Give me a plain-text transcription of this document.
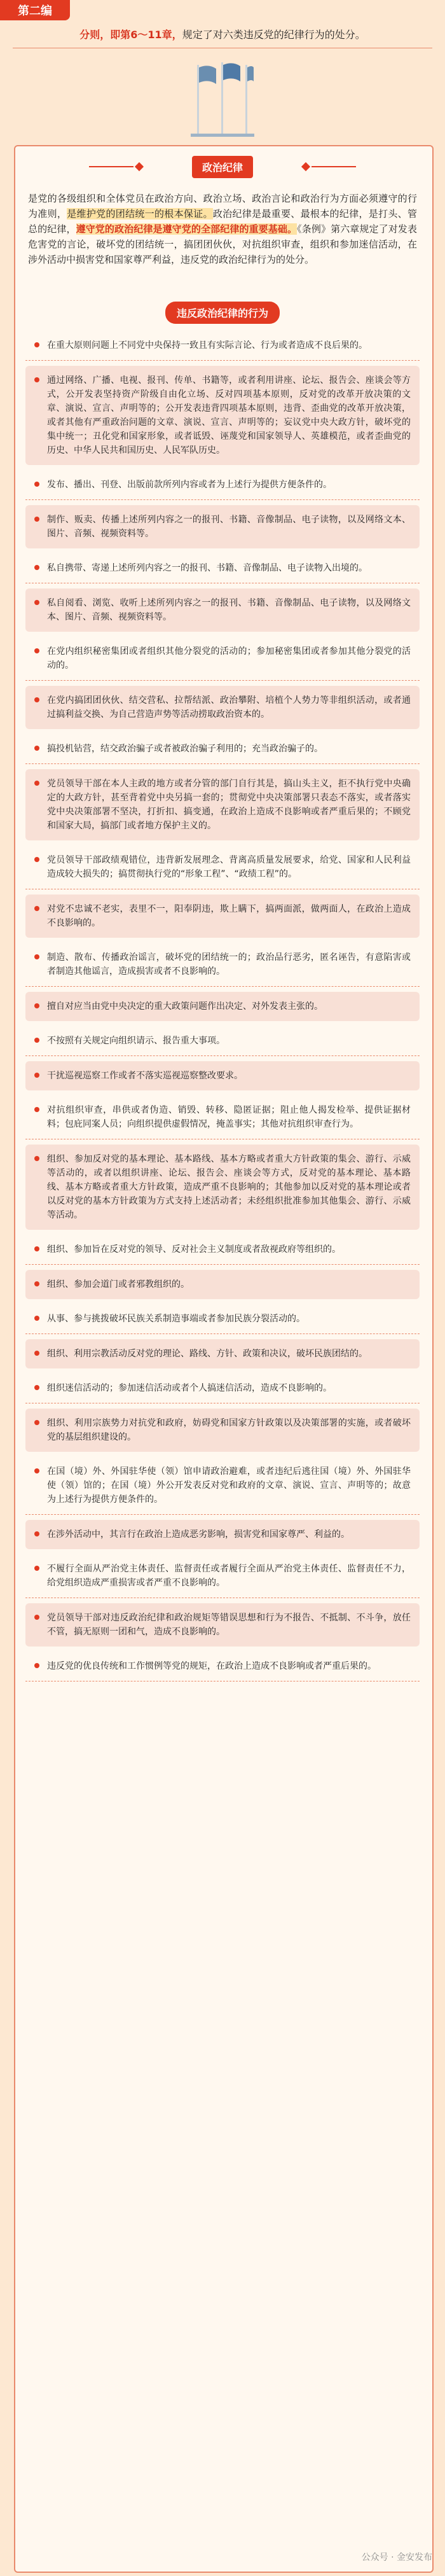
第二编
分则，即第6～11章，规定了对六类违反党的纪律行为的处分。
政治纪律
是党的各级组织和全体党员在政治方向、政治立场、政治言论和政治行为方面必须遵守的行为准则，是维护党的团结统一的根本保证。政治纪律是最重要、最根本的纪律，是打头、管总的纪律，遵守党的政治纪律是遵守党的全部纪律的重要基础。《条例》第六章规定了对发表危害党的言论，破坏党的团结统一，搞团团伙伙，对抗组织审查，组织和参加迷信活动，在涉外活动中损害党和国家尊严利益，违反党的政治纪律行为的处分。
违反政治纪律的行为
在重大原则问题上不同党中央保持一致且有实际言论、行为或者造成不良后果的。
通过网络、广播、电视、报刊、传单、书籍等，或者利用讲座、论坛、报告会、座谈会等方式，公开发表坚持资产阶级自由化立场、反对四项基本原则，反对党的改革开放决策的文章、演说、宣言、声明等的；公开发表违背四项基本原则，违背、歪曲党的改革开放决策，或者其他有严重政治问题的文章、演说、宣言、声明等的；妄议党中央大政方针，破坏党的集中统一；丑化党和国家形象，或者诋毁、诬蔑党和国家领导人、英雄模范，或者歪曲党的历史、中华人民共和国历史、人民军队历史。
发布、播出、刊登、出版前款所列内容或者为上述行为提供方便条件的。
制作、贩卖、传播上述所列内容之一的报刊、书籍、音像制品、电子读物，以及网络文本、图片、音频、视频资料等。
私自携带、寄递上述所列内容之一的报刊、书籍、音像制品、电子读物入出境的。
私自阅看、浏览、收听上述所列内容之一的报刊、书籍、音像制品、电子读物，以及网络文本、图片、音频、视频资料等。
在党内组织秘密集团或者组织其他分裂党的活动的；参加秘密集团或者参加其他分裂党的活动的。
在党内搞团团伙伙、结交营私、拉帮结派、政治攀附、培植个人势力等非组织活动，或者通过搞利益交换、为自己营造声势等活动捞取政治资本的。
搞投机钻营，结交政治骗子或者被政治骗子利用的；充当政治骗子的。
党员领导干部在本人主政的地方或者分管的部门自行其是，搞山头主义，拒不执行党中央确定的大政方针，甚至背着党中央另搞一套的；贯彻党中央决策部署只表态不落实，或者落实党中央决策部署不坚决，打折扣、搞变通，在政治上造成不良影响或者严重后果的；不顾党和国家大局，搞部门或者地方保护主义的。
党员领导干部政绩观错位，违背新发展理念、背离高质量发展要求，给党、国家和人民利益造成较大损失的；搞贯彻执行党的“形象工程”、“政绩工程”的。
对党不忠诚不老实，表里不一，阳奉阴违，欺上瞒下，搞两面派，做两面人，在政治上造成不良影响的。
制造、散布、传播政治谣言，破坏党的团结统一的；政治品行恶劣，匿名诬告，有意陷害或者制造其他谣言，造成损害或者不良影响的。
擅自对应当由党中央决定的重大政策问题作出决定、对外发表主张的。
不按照有关规定向组织请示、报告重大事项。
干扰巡视巡察工作或者不落实巡视巡察整改要求。
对抗组织审查，串供或者伪造、销毁、转移、隐匿证据；阻止他人揭发检举、提供证据材料；包庇同案人员；向组织提供虚假情况，掩盖事实；其他对抗组织审查行为。
组织、参加反对党的基本理论、基本路线、基本方略或者重大方针政策的集会、游行、示威等活动的，或者以组织讲座、论坛、报告会、座谈会等方式，反对党的基本理论、基本路线、基本方略或者重大方针政策，造成严重不良影响的；其他参加以反对党的基本理论或者以反对党的基本方针政策为方式支持上述活动者；未经组织批准参加其他集会、游行、示威等活动。
组织、参加旨在反对党的领导、反对社会主义制度或者敌视政府等组织的。
组织、参加会道门或者邪教组织的。
从事、参与挑拨破坏民族关系制造事端或者参加民族分裂活动的。
组织、利用宗教活动反对党的理论、路线、方针、政策和决议，破坏民族团结的。
组织迷信活动的；参加迷信活动或者个人搞迷信活动，造成不良影响的。
组织、利用宗族势力对抗党和政府，妨碍党和国家方针政策以及决策部署的实施，或者破坏党的基层组织建设的。
在国（境）外、外国驻华使（领）馆申请政治避难，或者违纪后逃往国（境）外、外国驻华使（领）馆的；在国（境）外公开发表反对党和政府的文章、演说、宣言、声明等的；故意为上述行为提供方便条件的。
在涉外活动中，其言行在政治上造成恶劣影响，损害党和国家尊严、利益的。
不履行全面从严治党主体责任、监督责任或者履行全面从严治党主体责任、监督责任不力，给党组织造成严重损害或者严重不良影响的。
党员领导干部对违反政治纪律和政治规矩等错误思想和行为不报告、不抵制、不斗争，放任不管，搞无原则一团和气，造成不良影响的。
违反党的优良传统和工作惯例等党的规矩，在政治上造成不良影响或者严重后果的。
公众号 · 金安发布
